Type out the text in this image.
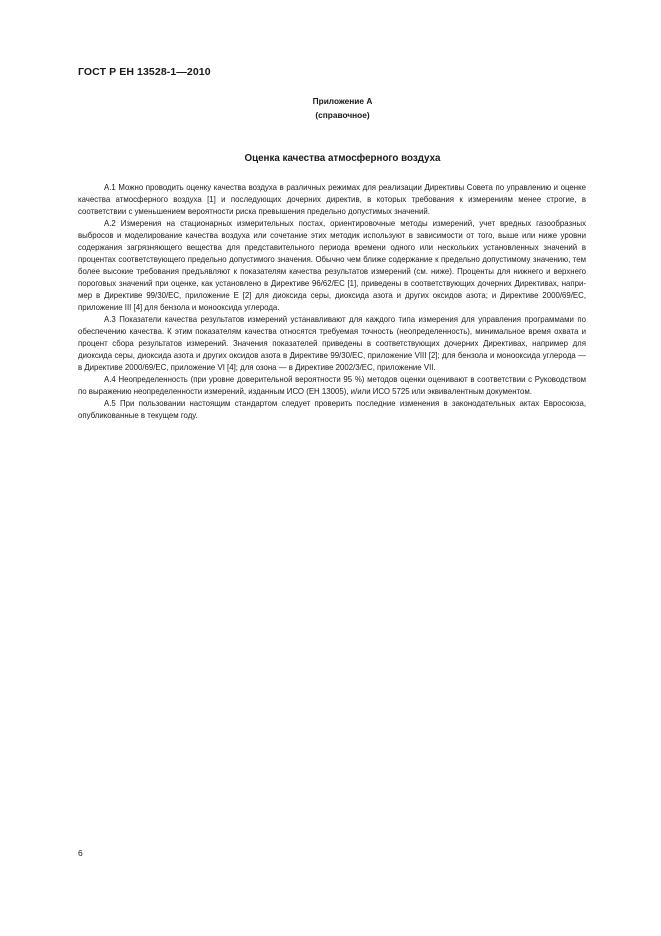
ГОСТ Р ЕН 13528-1—2010
Приложение А
(справочное)
Оценка качества атмосферного воздуха

А.1 Можно проводить оценку качества воздуха в различных режимах для реализации Директивы Совета по управлению и оценке качества атмосферного воздуха [1] и последующих дочерних директив, в которых требования к измерениям менее строгие, в соответствии с уменьшением вероятности риска превышения предельно допустимых значений.

А.2 Измерения на стационарных измерительных постах, ориентировочные методы измерений, учет вредных газообразных выбросов и моделирование качества воздуха или сочетание этих методик используют в зависимости от того, выше или ниже уровни содержания загрязняющего вещества для представительного периода времени одного или нескольких установленных значений в процентах соответствующего предельно допустимого значения. Обычно чем ближе содержание к предельно допустимому значению, тем более высокие требования предъявляют к показателям качества результатов измерений (см. ниже). Проценты для нижнего и верхнего пороговых значений при оценке, как установлено в Директиве 96/62/ЕС [1], приведены в соответствующих дочерних Директивах, например в Директиве 99/30/ЕС, приложение Е [2] для диоксида серы, диоксида азота и других оксидов азота; и Директиве 2000/69/ЕС, приложение III [4] для бензола и монооксида углерода.

А.3 Показатели качества результатов измерений устанавливают для каждого типа измерения для управления программами по обеспечению качества. К этим показателям качества относятся требуемая точность (неопределенность), минимальное время охвата и процент сбора результатов измерений. Значения показателей приведены в соответствующих дочерних Директивах, например для диоксида серы, диоксида азота и других оксидов азота в Директиве 99/30/ЕС, приложение VIII [2]; для бензола и монооксида углерода — в Директиве 2000/69/ЕС, приложение VI [4]; для озона — в Директиве 2002/3/ЕС, приложение VII.

А.4 Неопределенность (при уровне доверительной вероятности 95 %) методов оценки оценивают в соответствии с Руководством по выражению неопределенности измерений, изданным ИСО (ЕН 13005), и/или ИСО 5725 или эквивалентным документом.

А.5 При пользовании настоящим стандартом следует проверить последние изменения в законодательных актах Евросоюза, опубликованные в текущем году.

6
